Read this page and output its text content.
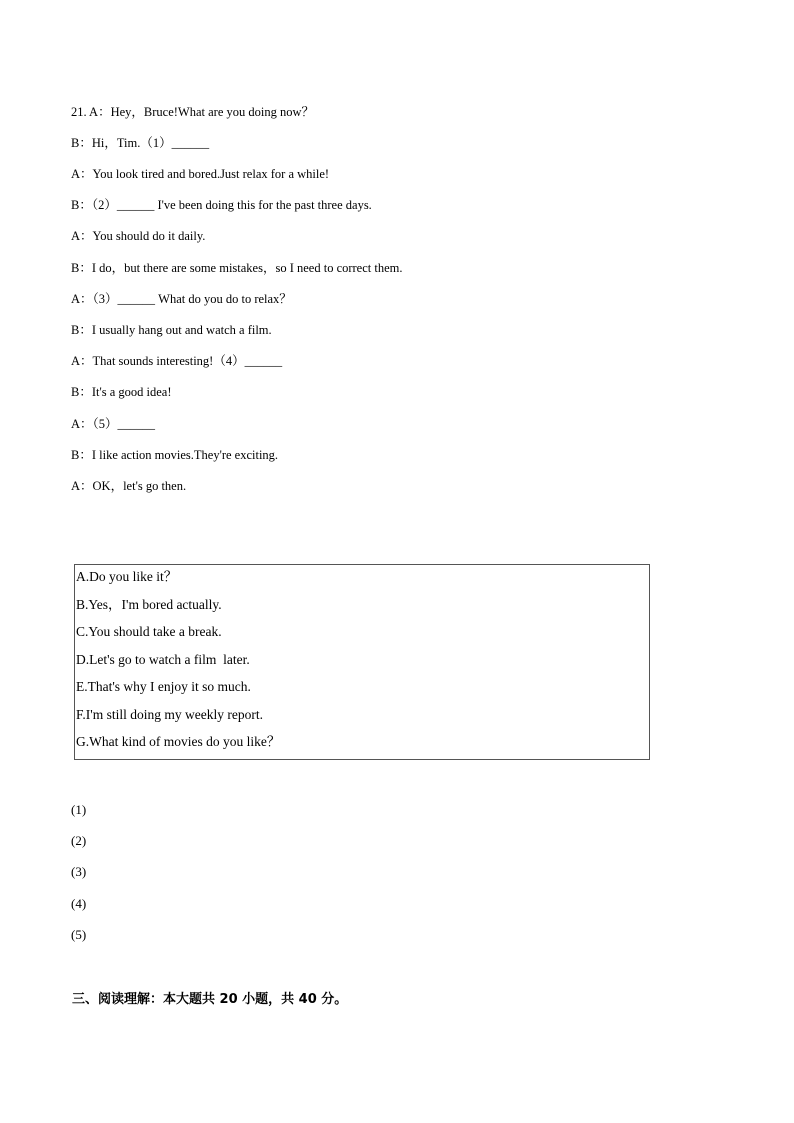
21. A：Hey，Bruce!What are you doing now？
B：Hi，Tim.（1）______
A：You look tired and bored.Just relax for a while!
B：（2）______ I've been doing this for the past three days.
A：You should do it daily.
B：I do，but there are some mistakes，so I need to correct them.
A：（3）______ What do you do to relax？
B：I usually hang out and watch a film.
A：That sounds interesting!（4）______
B：It's a good idea!
A：（5）______
B：I like action movies.They're exciting.
A：OK，let's go then.
A.Do you like it？
B.Yes，I'm bored actually.
C.You should take a break.
D.Let's go to watch a film  later.
E.That's why I enjoy it so much.
F.I'm still doing my weekly report.
G.What kind of movies do you like？
(1)
(2)
(3)
(4)
(5)
三、阅读理解：本大题共 20 小题，共 40 分。
